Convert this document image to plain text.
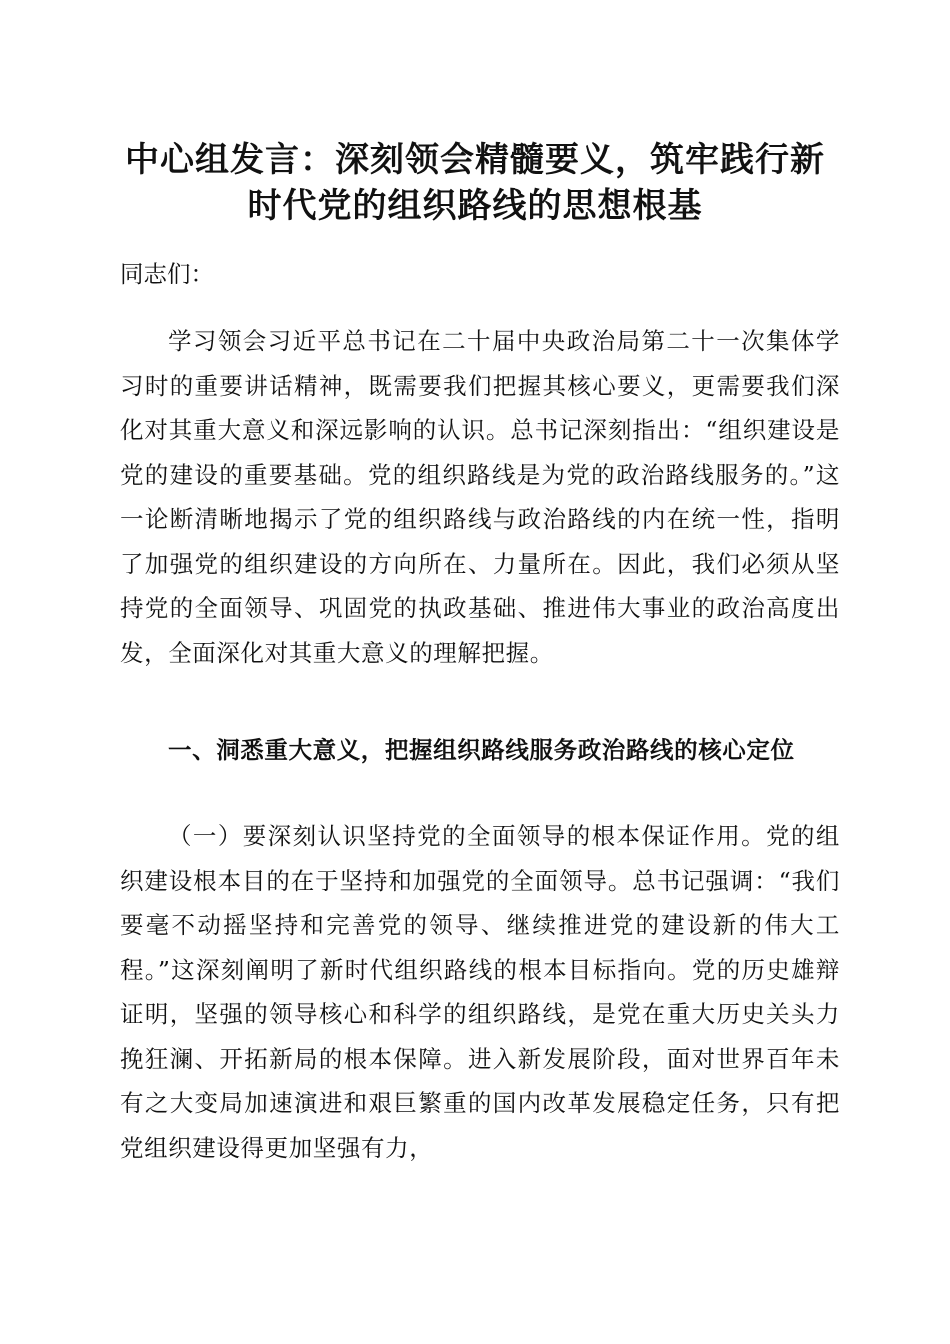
中心组发言：深刻领会精髓要义，筑牢践行新
时代党的组织路线的思想根基
同志们：
学习领会习近平总书记在二十届中央政治局第二十一次集体学习时的重要讲话精神，既需要我们把握其核心要义，更需要我们深化对其重大意义和深远影响的认识。总书记深刻指出：“组织建设是党的建设的重要基础。党的组织路线是为党的政治路线服务的。”这一论断清晰地揭示了党的组织路线与政治路线的内在统一性，指明了加强党的组织建设的方向所在、力量所在。因此，我们必须从坚持党的全面领导、巩固党的执政基础、推进伟大事业的政治高度出发，全面深化对其重大意义的理解把握。
一、洞悉重大意义，把握组织路线服务政治路线的核心定位
（一）要深刻认识坚持党的全面领导的根本保证作用。党的组织建设根本目的在于坚持和加强党的全面领导。总书记强调：“我们要毫不动摇坚持和完善党的领导、继续推进党的建设新的伟大工程。”这深刻阐明了新时代组织路线的根本目标指向。党的历史雄辩证明，坚强的领导核心和科学的组织路线，是党在重大历史关头力挽狂澜、开拓新局的根本保障。进入新发展阶段，面对世界百年未有之大变局加速演进和艰巨繁重的国内改革发展稳定任务，只有把党组织建设得更加坚强有力，
